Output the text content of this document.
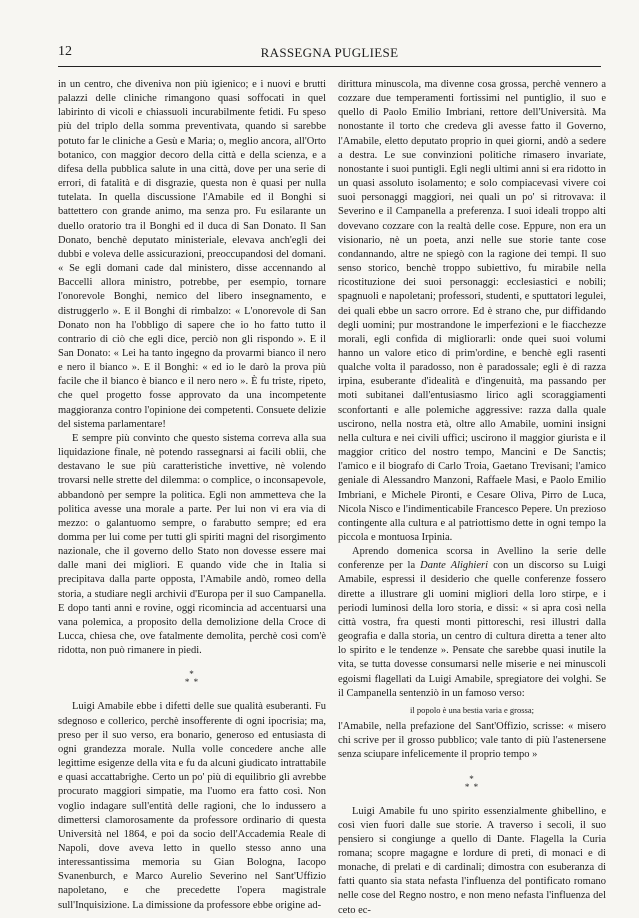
12	RASSEGNA PUGLIESE

in un centro, che diveniva non più igienico; e i nuovi e brutti palazzi delle cliniche rimangono quasi soffocati in quel labirinto di vicoli e chiassuoli incurabilmente fetidi. Fu speso più del triplo della somma preventivata, quando si sarebbe potuto far le cliniche a Gesù e Maria; o, meglio ancora, all'Orto botanico, con maggior decoro della città e della scienza, e a difesa della pubblica salute in una città, dove per una serie di errori, di fatalità e di disgrazie, questa non è quasi per nulla tutelata. In quella discussione l'Amabile ed il Bonghi si battettero con grande animo, ma senza pro. Fu esilarante un duello oratorio tra il Bonghi ed il duca di San Donato. Il San Donato, benchè deputato ministeriale, elevava anch'egli dei dubbi e voleva delle assicurazioni, preoccupandosi del domani. « Se egli domani cade dal ministero, disse accennando al Baccelli allora ministro, potrebbe, per esempio, tornare l'onorevole Bonghi, nemico del libero insegnamento, e distruggerlo ». E il Bonghi di rimbalzo: « L'onorevole di San Donato non ha l'obbligo di sapere che io ho fatto tutto il contrario di ciò che egli dice, perciò non gli rispondo ». E il San Donato: « Lei ha tanto ingegno da provarmi bianco il nero e nero il bianco ». E il Bonghi: « ed io le darò la prova più facile che il bianco è bianco e il nero nero ». È fu triste, ripeto, che quel progetto fosse approvato da una incompetente maggioranza contro l'opinione dei competenti. Consuete delizie del sistema parlamentare!

E sempre più convinto che questo sistema correva alla sua liquidazione finale, nè potendo rassegnarsi ai facili oblii, che destavano le sue più caratteristiche invettive, nè volendo trovarsi nelle strette del dilemma: o complice, o inconsapevole, abbandonò per sempre la politica. Egli non ammetteva che la politica avesse una morale a parte. Per lui non vi era via di mezzo: o galantuomo sempre, o farabutto sempre; ed era domma per lui come per tutti gli spiriti magni del risorgimento nazionale, che il governo dello Stato non dovesse essere mai dalle mani dei migliori. E quando vide che in Italia si precipitava dalla parte opposta, l'Amabile andò, romeo della storia, a studiare negli archivii d'Europa per il suo Campanella. E dopo tanti anni e rovine, oggi ricomincia ad accentuarsi una vana polemica, a proposito della demolizione della Croce di Lucca, chiesa che, ove fatalmente demolita, perchè così com'è ridotta, non può rimanere in piedi.

*
* *

Luigi Amabile ebbe i difetti delle sue qualità esuberanti. Fu sdegnoso e collerico, perchè insofferente di ogni ipocrisia; ma, preso per il suo verso, era bonario, generoso ed entusiasta di ogni grandezza morale. Nulla volle concedere anche alle legittime esigenze della vita e fu da alcuni giudicato intrattabile e quasi accattabrighe. Certo un po' più di equilibrio gli avrebbe procurato maggiori simpatie, ma l'uomo era fatto così. Non voglio indagare sull'entità delle ragioni, che lo indussero a dimettersi clamorosamente da professore ordinario di questa Università nel 1864, e poi da socio dell'Accademia Reale di Napoli, dove aveva letto in quello stesso anno una interessantissima memoria su Gian Bologna, Iacopo Svanenburch, e Marco Aurelio Severino nel Sant'Uffizio napoletano, e che precedette l'opera magistrale sull'Inquisizione. La dimissione da professore ebbe origine ad-

dirittura minuscola, ma divenne cosa grossa, perchè vennero a cozzare due temperamenti fortissimi nel puntiglio, il suo e quello di Paolo Emilio Imbriani, rettore dell'Università. Ma nonostante il torto che credeva gli avesse fatto il Governo, l'Amabile, eletto deputato proprio in quei giorni, andò a sedere a destra. Le sue convinzioni politiche rimasero invariate, nonostante i suoi puntigli. Egli negli ultimi anni si era ridotto in un quasi assoluto isolamento; e solo compiacevasi vivere coi suoi personaggi maggiori, nei quali un po' si ritrovava: il Severino e il Campanella a preferenza. I suoi ideali troppo alti dovevano cozzare con la realtà delle cose. Eppure, non era un visionario, nè un poeta, anzi nelle sue storie tante cose condannando, altre ne spiegò con la ragione dei tempi. Il suo senso storico, benchè troppo subiettivo, fu mirabile nella ricostituzione dei suoi personaggi: ecclesiastici e nobili; spagnuoli e napoletani; professori, studenti, e sputtatori legulei, dei quali ebbe un sacro orrore. Ed è strano che, pur diffidando degli uomini; pur mostrandone le imperfezioni e le fiacchezze morali, egli confida di migliorarli: onde quei suoi volumi hanno un valore etico di prim'ordine, e benchè egli rasenti qualche volta il paradosso, non è paradossale; egli è di razza irpina, esuberante d'idealità e d'ingenuità, ma passando per moti subitanei dall'entusiasmo lirico agli scoraggiamenti sconfortanti e alle polemiche aggressive: razza dalla quale uscirono, nella nostra età, oltre allo Amabile, uomini insigni nella cultura e nei civili uffici; uscirono il maggior giurista e il maggior critico del nostro tempo, Mancini e De Sanctis; l'amico e il biografo di Carlo Troia, Gaetano Trevisani; l'amico geniale di Alessandro Manzoni, Raffaele Masi, e Paolo Emilio Imbriani, e Michele Pironti, e Cesare Oliva, Pirro de Luca, Nicola Nisco e l'indimenticabile Francesco Pepere. Un prezioso contingente alla cultura e al patriottismo dette in ogni tempo la piccola e montuosa Irpinia.

Aprendo domenica scorsa in Avellino la serie delle conferenze per la Dante Alighieri con un discorso su Luigi Amabile, espressi il desiderio che quelle conferenze fossero dirette a illustrare gli uomini migliori della loro stirpe, e i periodi luminosi della loro storia, e dissi: « si apra così nella città vostra, fra questi monti pittoreschi, resi illustri dalla geografia e dalla storia, un centro di cultura diretta a tener alto lo spirito e le tendenze ». Pensate che sarebbe quasi inutile la vita, se tutta dovesse consumarsi nelle miserie e nei minuscoli egoismi flagellati da Luigi Amabile, spregiatore dei volghi. Se il Campanella sentenziò in un famoso verso:

il popolo è una bestia varia e grossa;

l'Amabile, nella prefazione del Sant'Offizio, scrisse: « misero chi scrive per il grosso pubblico; vale tanto di più l'astenersene senza sciupare infelicemente il proprio tempo »

*
* *

Luigi Amabile fu uno spirito essenzialmente ghibellino, e così vien fuori dalle sue storie. A traverso i secoli, il suo pensiero si congiunge a quello di Dante. Flagella la Curia romana; scopre magagne e lordure di preti, di monaci e di monache, di prelati e di cardinali; dimostra con esuberanza di fatti quanto sia stata nefasta l'influenza del pontificato romano nelle cose del Regno nostro, e non meno nefasta l'influenza del ceto ec-
